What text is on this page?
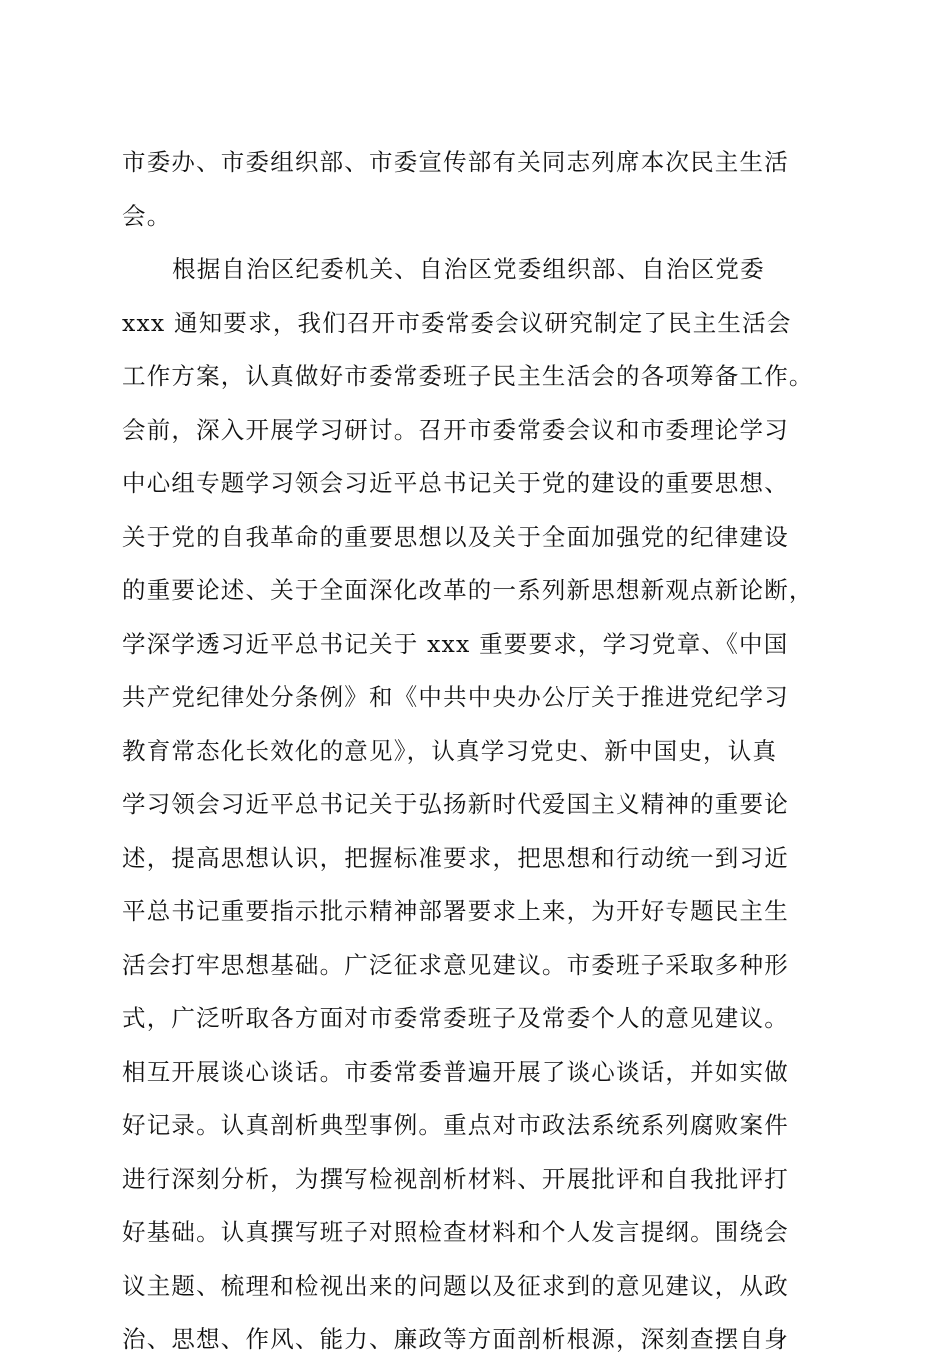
市委办、市委组织部、市委宣传部有关同志列席本次民主生活
会。
根据自治区纪委机关、自治区党委组织部、自治区党委
xxx 通知要求，我们召开市委常委会议研究制定了民主生活会
工作方案，认真做好市委常委班子民主生活会的各项筹备工作。
会前，深入开展学习研讨。召开市委常委会议和市委理论学习
中心组专题学习领会习近平总书记关于党的建设的重要思想、
关于党的自我革命的重要思想以及关于全面加强党的纪律建设
的重要论述、关于全面深化改革的一系列新思想新观点新论断，
学深学透习近平总书记关于 xxx 重要要求，学习党章、《中国
共产党纪律处分条例》和《中共中央办公厅关于推进党纪学习
教育常态化长效化的意见》，认真学习党史、新中国史，认真
学习领会习近平总书记关于弘扬新时代爱国主义精神的重要论
述，提高思想认识，把握标准要求，把思想和行动统一到习近
平总书记重要指示批示精神部署要求上来，为开好专题民主生
活会打牢思想基础。广泛征求意见建议。市委班子采取多种形
式，广泛听取各方面对市委常委班子及常委个人的意见建议。
相互开展谈心谈话。市委常委普遍开展了谈心谈话，并如实做
好记录。认真剖析典型事例。重点对市政法系统系列腐败案件
进行深刻分析，为撰写检视剖析材料、开展批评和自我批评打
好基础。认真撰写班子对照检查材料和个人发言提纲。围绕会
议主题、梳理和检视出来的问题以及征求到的意见建议，从政
治、思想、作风、能力、廉政等方面剖析根源，深刻查摆自身
